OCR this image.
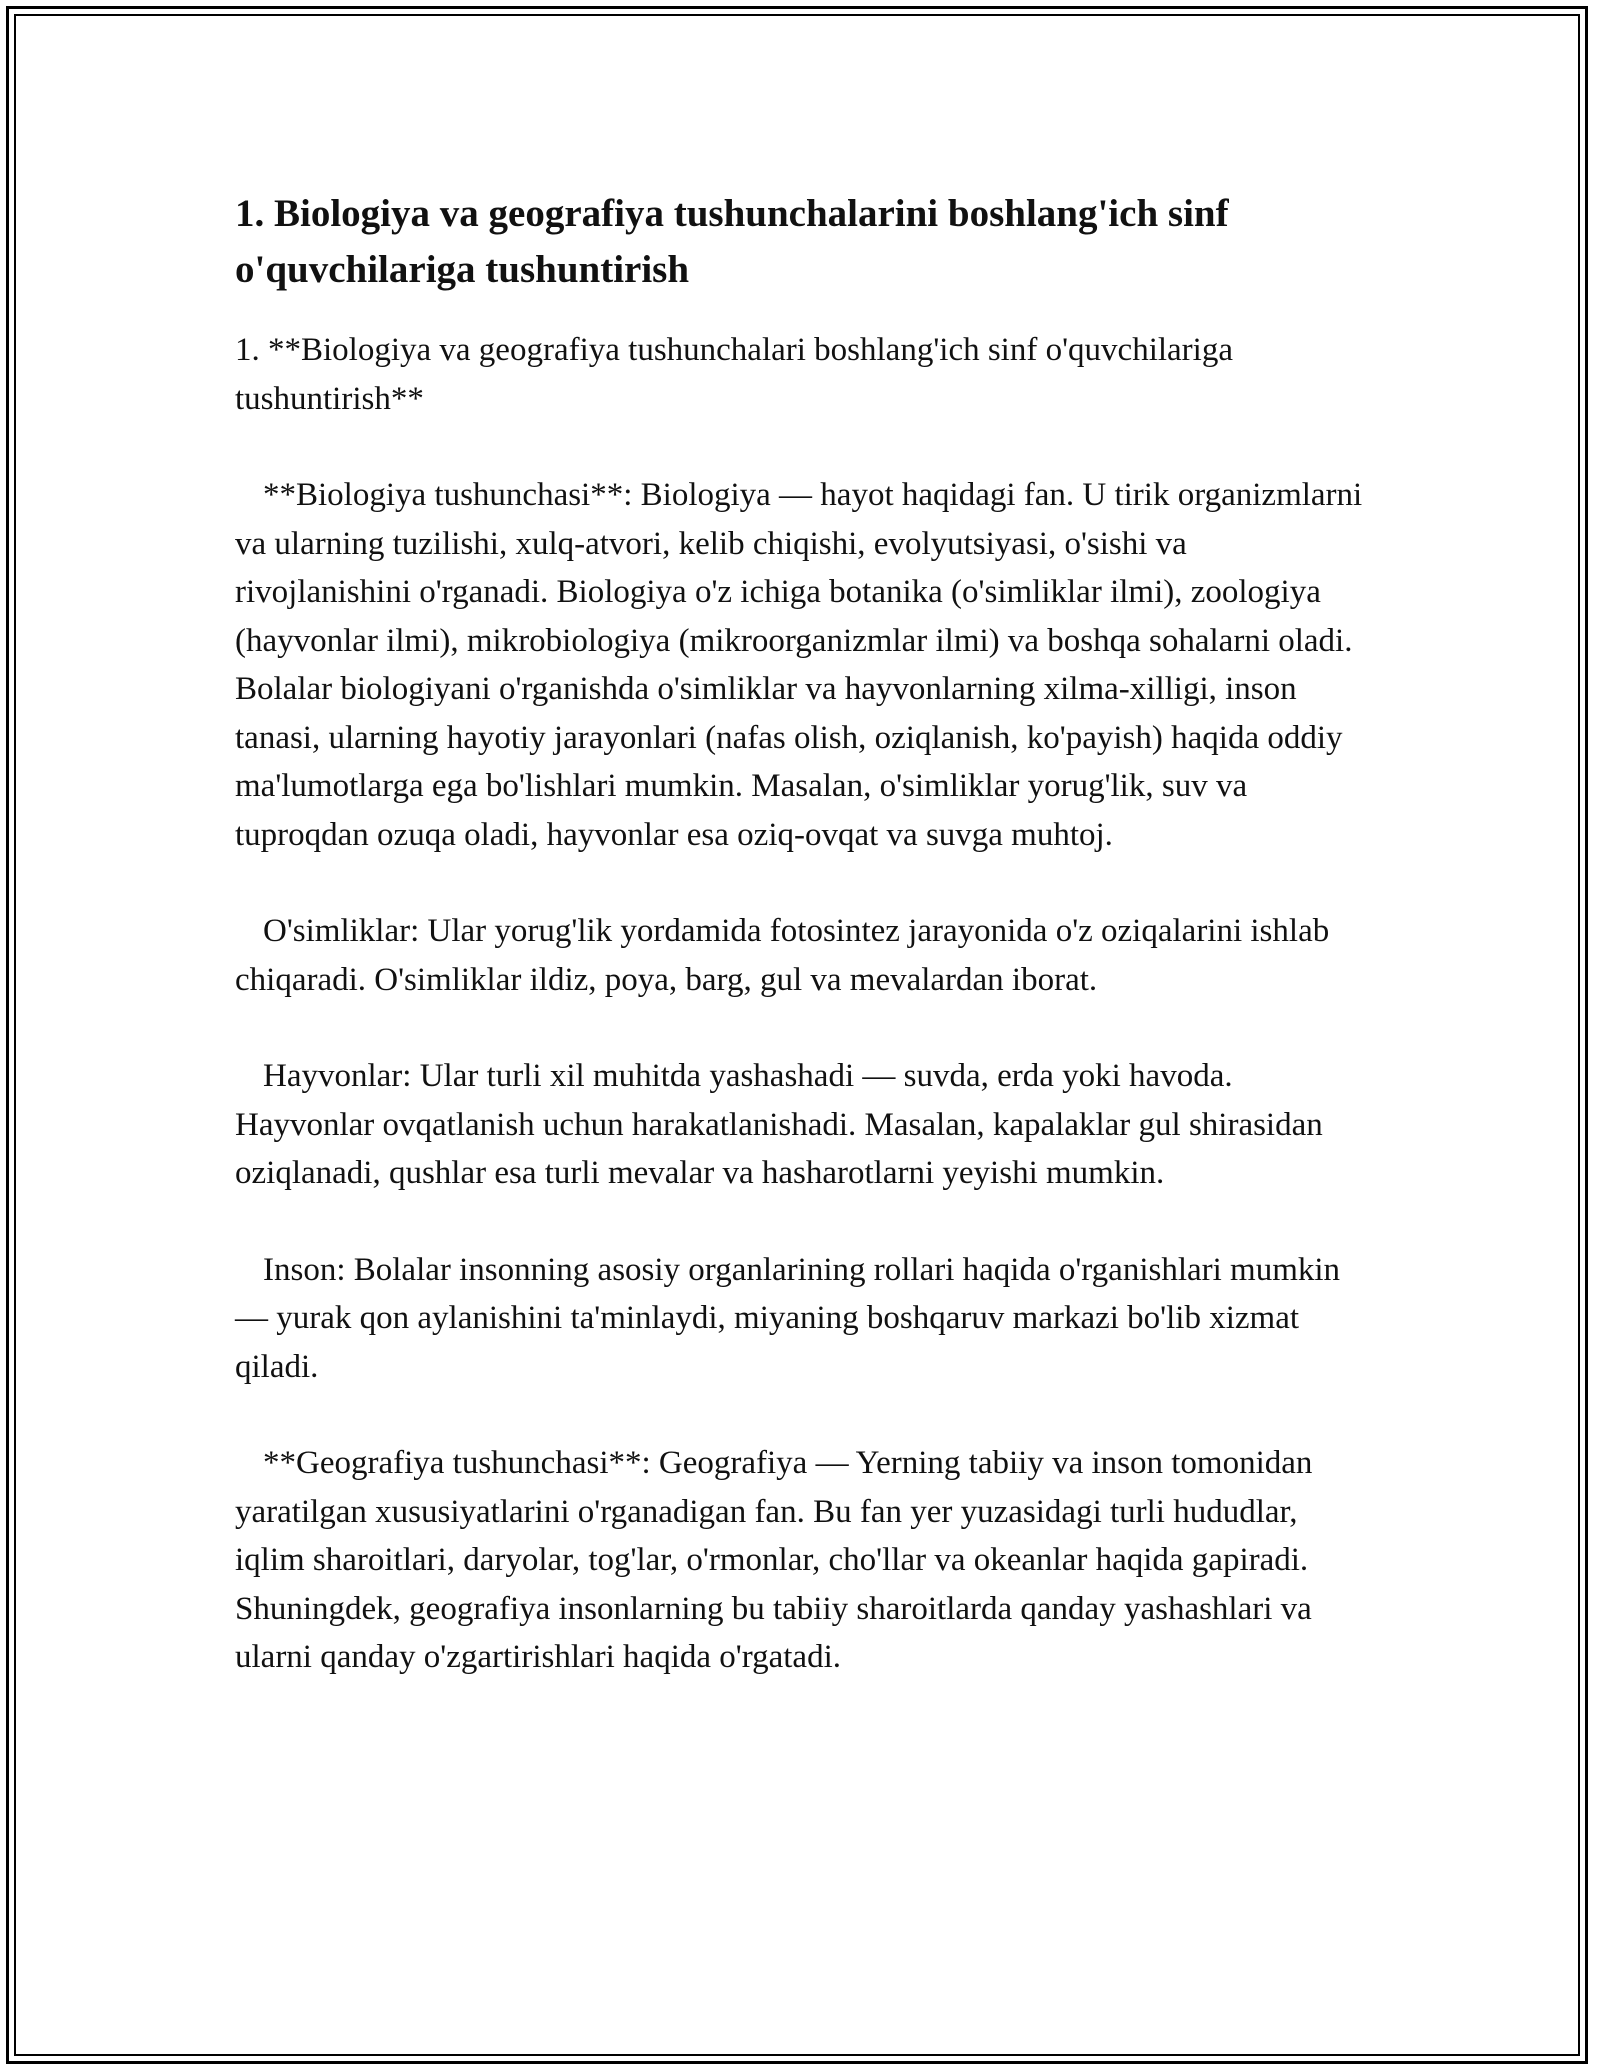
1. Biologiya va geografiya tushunchalarini boshlang'ich sinf o'quvchilariga tushuntirish

1. **Biologiya va geografiya tushunchalari boshlang'ich sinf o'quvchilariga tushuntirish**

**Biologiya tushunchasi**: Biologiya — hayot haqidagi fan. U tirik organizmlarni va ularning tuzilishi, xulq-atvori, kelib chiqishi, evolyutsiyasi, o'sishi va rivojlanishini o'rganadi. Biologiya o'z ichiga botanika (o'simliklar ilmi), zoologiya (hayvonlar ilmi), mikrobiologiya (mikroorganizmlar ilmi) va boshqa sohalarni oladi. Bolalar biologiyani o'rganishda o'simliklar va hayvonlarning xilma-xilligi, inson tanasi, ularning hayotiy jarayonlari (nafas olish, oziqlanish, ko'payish) haqida oddiy ma'lumotlarga ega bo'lishlari mumkin. Masalan, o'simliklar yorug'lik, suv va tuproqdan ozuqa oladi, hayvonlar esa oziq-ovqat va suvga muhtoj.

O'simliklar: Ular yorug'lik yordamida fotosintez jarayonida o'z oziqalarini ishlab chiqaradi. O'simliklar ildiz, poya, barg, gul va mevalardan iborat.

Hayvonlar: Ular turli xil muhitda yashashadi — suvda, erda yoki havoda. Hayvonlar ovqatlanish uchun harakatlanishadi. Masalan, kapalaklar gul shirasidan oziqlanadi, qushlar esa turli mevalar va hasharotlarni yeyishi mumkin.

Inson: Bolalar insonning asosiy organlarining rollari haqida o'rganishlari mumkin — yurak qon aylanishini ta'minlaydi, miyaning boshqaruv markazi bo'lib xizmat qiladi.

**Geografiya tushunchasi**: Geografiya — Yerning tabiiy va inson tomonidan yaratilgan xususiyatlarini o'rganadigan fan. Bu fan yer yuzasidagi turli hududlar, iqlim sharoitlari, daryolar, tog'lar, o'rmonlar, cho'llar va okeanlar haqida gapiradi. Shuningdek, geografiya insonlarning bu tabiiy sharoitlarda qanday yashashlari va ularni qanday o'zgartirishlari haqida o'rgatadi.
